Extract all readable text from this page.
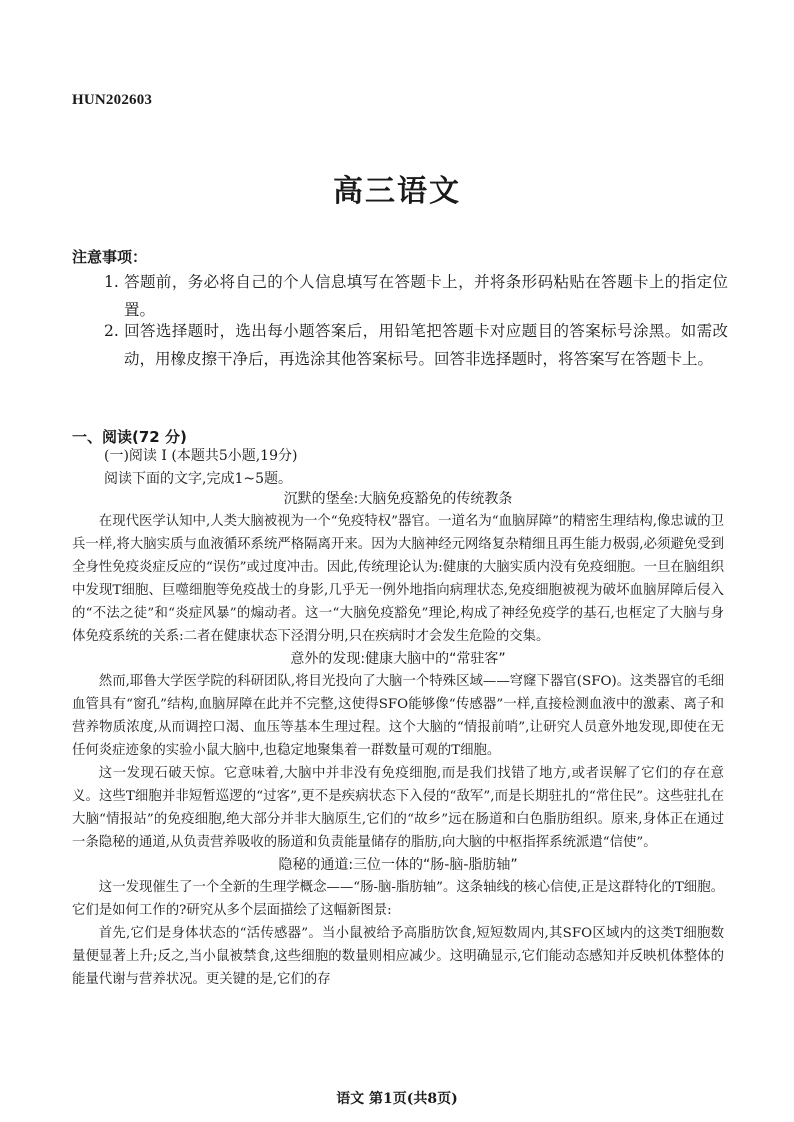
HUN202603
高三语文
注意事项：
1. 答题前，务必将自己的个人信息填写在答题卡上，并将条形码粘贴在答题卡上的指定位置。
2. 回答选择题时，选出每小题答案后，用铅笔把答题卡对应题目的答案标号涂黑。如需改动，用橡皮擦干净后，再选涂其他答案标号。回答非选择题时，将答案写在答题卡上。
一、阅读(72 分)
(一)阅读 I (本题共5小题,19分)
阅读下面的文字,完成1~5题。
沉默的堡垒:大脑免疫豁免的传统教条

在现代医学认知中,人类大脑被视为一个“免疫特权”器官。一道名为“血脑屏障”的精密生理结构,像忠诚的卫兵一样,将大脑实质与血液循环系统严格隔离开来。因为大脑神经元网络复杂精细且再生能力极弱,必须避免受到全身性免疫炎症反应的“误伤”或过度冲击。因此,传统理论认为:健康的大脑实质内没有免疫细胞。一旦在脑组织中发现T细胞、巨噬细胞等免疫战士的身影,几乎无一例外地指向病理状态,免疫细胞被视为破坏血脑屏障后侵入的“不法之徒”和“炎症风暴”的煽动者。这一“大脑免疫豁免”理论,构成了神经免疫学的基石,也框定了大脑与身体免疫系统的关系:二者在健康状态下泾渭分明,只在疾病时才会发生危险的交集。

意外的发现:健康大脑中的“常驻客”

然而,耶鲁大学医学院的科研团队,将目光投向了大脑一个特殊区域——穹窿下器官(SFO)。这类器官的毛细血管具有“窗孔”结构,血脑屏障在此并不完整,这使得SFO能够像“传感器”一样,直接检测血液中的激素、离子和营养物质浓度,从而调控口渴、血压等基本生理过程。这个大脑的“情报前哨”,让研究人员意外地发现,即使在无任何炎症迹象的实验小鼠大脑中,也稳定地聚集着一群数量可观的T细胞。

这一发现石破天惊。它意味着,大脑中并非没有免疫细胞,而是我们找错了地方,或者误解了它们的存在意义。这些T细胞并非短暂巡逻的“过客”,更不是疾病状态下入侵的“敌军”,而是长期驻扎的“常住民”。这些驻扎在大脑“情报站”的免疫细胞,绝大部分并非大脑原生,它们的“故乡”远在肠道和白色脂肪组织。原来,身体正在通过一条隐秘的通道,从负责营养吸收的肠道和负责能量储存的脂肪,向大脑的中枢指挥系统派遣“信使”。

隐秘的通道:三位一体的“肠-脑-脂肪轴”

这一发现催生了一个全新的生理学概念——“肠-脑-脂肪轴”。这条轴线的核心信使,正是这群特化的T细胞。它们是如何工作的?研究从多个层面描绘了这幅新图景:

首先,它们是身体状态的“活传感器”。当小鼠被给予高脂肪饮食,短短数周内,其SFO区域内的这类T细胞数量便显著上升;反之,当小鼠被禁食,这些细胞的数量则相应减少。这明确显示,它们能动态感知并反映机体整体的能量代谢与营养状况。更关键的是,它们的存

语文 第1页(共8页)
